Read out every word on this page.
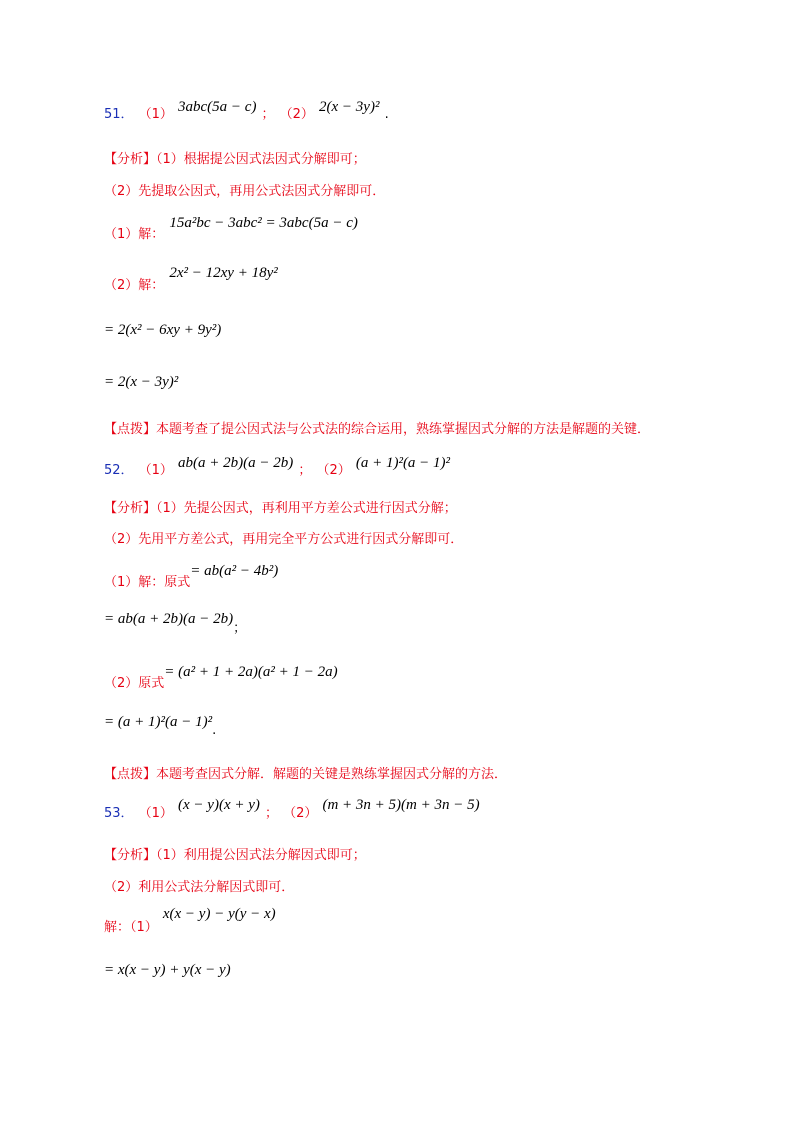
51． （1） 3abc(5a − c) ； （2） 2(x − 3y)² .
【分析】（1）根据提公因式法因式分解即可；
（2）先提取公因式，再用公式法因式分解即可．
$_{(1)解:}$ 15a²bc − 3abc² = 3abc(5a − c)
$_{(2)解:}$ 2x² − 12xy + 18y²
= 2(x² − 6xy + 9y²)
= 2(x − 3y)²
【点拨】本题考查了提公因式法与公式法的综合运用，熟练掌握因式分解的方法是解题的关键．
$_{52.}$ $_{(1)}$ ab(a + 2b)(a − 2b) $_;$ $_{(2)}$ (a + 1)²(a − 1)²
【分析】（1）先提公因式，再利用平方差公式进行因式分解；
（2）先用平方差公式，再用完全平方公式进行因式分解即可．
$_{(1)解:原式}$= ab(a² − 4b²)
= $ab(a + 2b)(a - 2b)_;$
$_{(2)原式}$= (a² + 1 + 2a)(a² + 1 − 2a)
= $(a + 1)^2(a - 1)^2_.$
【点拨】本题考查因式分解．解题的关键是熟练掌握因式分解的方法．
$_{53.}$ $_{(1)}$ (x − y)(x + y) $_;$ $_{(2)}$ (m + 3n + 5)(m + 3n − 5)
【分析】（1）利用提公因式法分解因式即可；
（2）利用公式法分解因式即可．
$_{解:(1)}$ x(x − y) − y(y − x)
= x(x − y) + y(x − y)
